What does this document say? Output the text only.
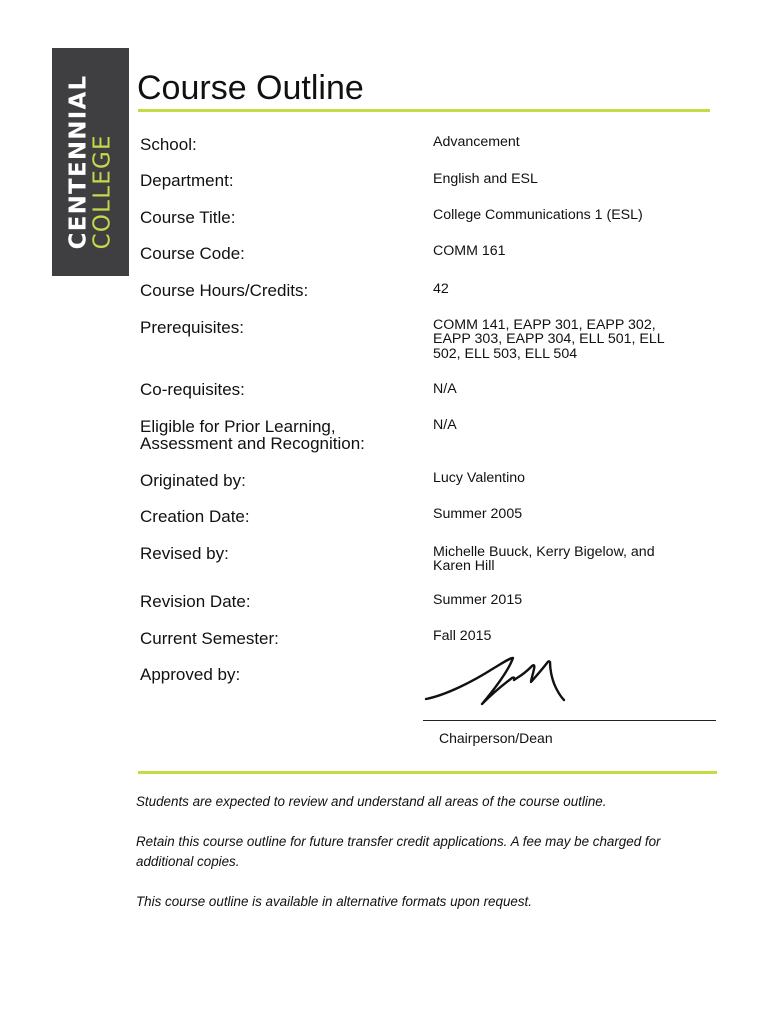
CENTENNIAL
COLLEGE
Course Outline
School:	Advancement
Department:	English and ESL
Course Title:	College Communications 1 (ESL)
Course Code:	COMM 161
Course Hours/Credits:	42
Prerequisites:	COMM 141, EAPP 301, EAPP 302,
EAPP 303, EAPP 304, ELL 501, ELL
502, ELL 503, ELL 504
Co-requisites:	N/A
Eligible for Prior Learning,
Assessment and Recognition:
N/A
Originated by:	Lucy Valentino
Creation Date:	Summer 2005
Revised by:	Michelle Buuck, Kerry Bigelow, and
Karen Hill
Revision Date:	Summer 2015
Current Semester:	Fall 2015
Approved by:
Chairperson/Dean
Students are expected to review and understand all areas of the course outline.
Retain this course outline for future transfer credit applications. A fee may be charged for additional copies.
This course outline is available in alternative formats upon request.
